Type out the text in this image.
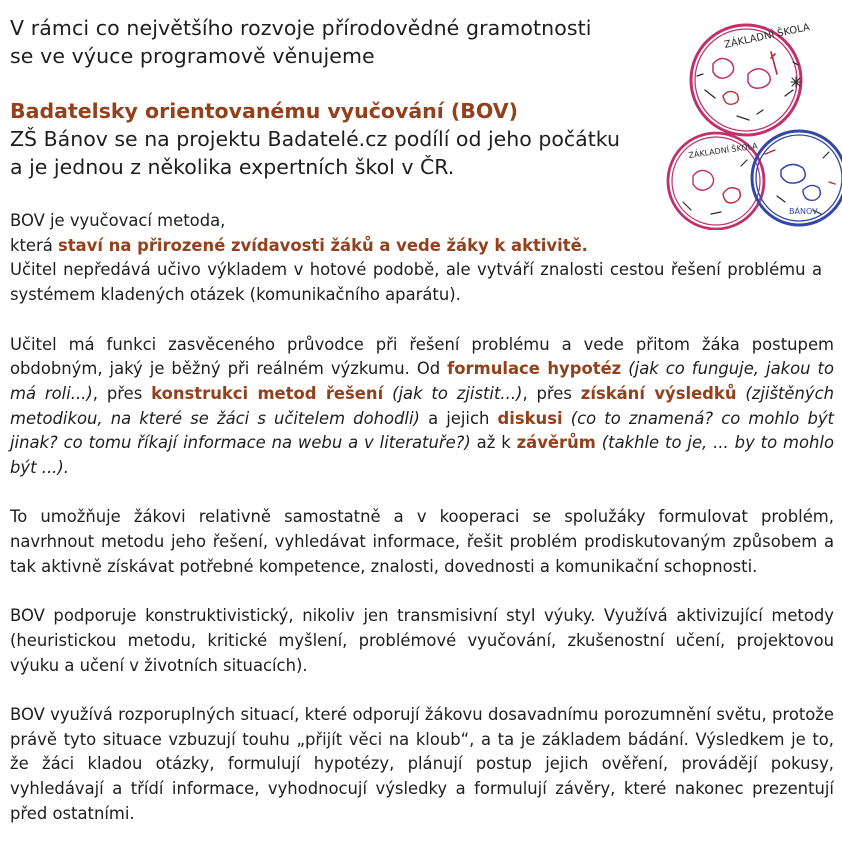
V rámci co největšího rozvoje přírodovědné gramotnosti
se ve výuce programově věnujeme
Badatelsky orientovanému vyučování (BOV)
ZŠ Bánov se na projektu Badatelé.cz podílí od jeho počátku
a je jednou z několika expertních škol v ČR.

BOV je vyučovací metoda,

která staví na přirozené zvídavosti žáků a vede žáky k aktivitě.

Učitel nepředává učivo výkladem v hotové podobě, ale vytváří znalosti cestou řešení problému a systémem kladených otázek (komunikačního aparátu).

Učitel má funkci zasvěceného průvodce při řešení problému a vede přitom žáka postupem obdobným, jaký je běžný při reálném výzkumu. Od formulace hypotéz (jak co funguje, jakou to má roli...), přes konstrukci metod řešení (jak to zjistit...), přes získání výsledků (zjištěných metodikou, na které se žáci s učitelem dohodli) a jejich diskusi (co to znamená? co mohlo být jinak? co tomu říkají informace na webu a v literatuře?) až k závěrům (takhle to je, ... by to mohlo být ...).

To umožňuje žákovi relativně samostatně a v kooperaci se spolužáky formulovat problém, navrhnout metodu jeho řešení, vyhledávat informace, řešit problém prodiskutovaným způsobem a tak aktivně získávat potřebné kompetence, znalosti, dovednosti a komunikační schopnosti.

BOV podporuje konstruktivistický, nikoliv jen transmisivní styl výuky. Využívá aktivizující metody (heuristickou metodu, kritické myšlení, problémové vyučování, zkušenostní učení, projektovou výuku a učení v životních situacích).

BOV využívá rozporuplných situací, které odporují žákovu dosavadnímu porozumnění světu, protože právě tyto situace vzbuzují touhu „přijít věci na kloub“, a ta je základem bádání. Výsledkem je to, že žáci kladou otázky, formulují hypotézy, plánují postup jejich ověření, provádějí pokusy, vyhledávají a třídí informace, vyhodnocují výsledky a formulují závěry, které nakonec prezentují před ostatními.

ZÁKLADNÍ ŠKOLA
ZÁKLADNÍ ŠKOLA
BÁNOV
